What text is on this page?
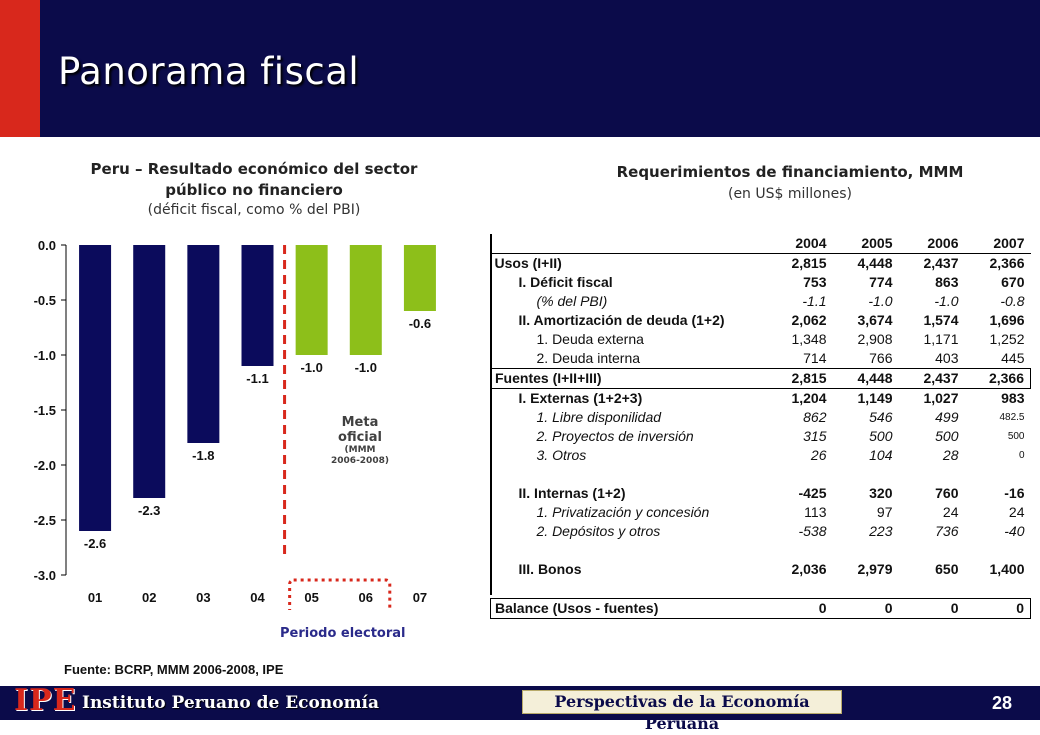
Panorama fiscal
Peru – Resultado económico del sector
público no financiero
(déficit fiscal, como % del PBI)
0.0
-0.5
-1.0
-1.5
-2.0
-2.5
-3.0
-2.6
01
-2.3
02
-1.8
03
-1.1
04
-1.0
05
-1.0
06
-0.6
07
Meta
oficial
(MMM
2006-2008)
Periodo electoral
Fuente: BCRP, MMM 2006-2008, IPE
Requerimientos de financiamiento, MMM
(en US$ millones)
	2004	2005	2006	2007
Usos (I+II)	2,815	4,448	2,437	2,366
I. Déficit fiscal	753	774	863	670
(% del PBI)	-1.1	-1.0	-1.0	-0.8
II. Amortización de deuda (1+2)	2,062	3,674	1,574	1,696
1. Deuda externa	1,348	2,908	1,171	1,252
2. Deuda interna	714	766	403	445
Fuentes (I+II+III)	2,815	4,448	2,437	2,366
I. Externas (1+2+3)	1,204	1,149	1,027	983
1. Libre disponilidad	862	546	499	482.5
2. Proyectos de inversión	315	500	500	500
3. Otros	26	104	28	0

II. Internas (1+2)	-425	320	760	-16
1. Privatización y concesión	113	97	24	24
2. Depósitos y otros	-538	223	736	-40

III. Bonos	2,036	2,979	650	1,400

Balance (Usos - fuentes)	0	0	0	0
IPE Instituto Peruano de Economía	Perspectivas de la Economía Peruana
28
